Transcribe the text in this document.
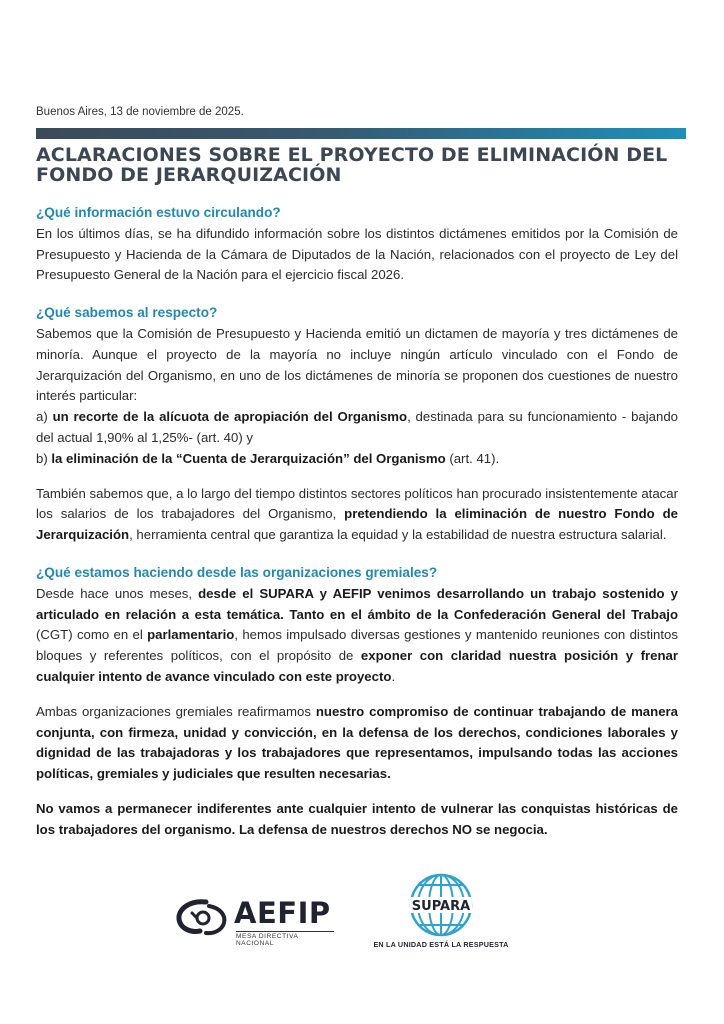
Buenos Aires, 13 de noviembre de 2025.
ACLARACIONES SOBRE EL PROYECTO DE ELIMINACIÓN DEL
FONDO DE JERARQUIZACIÓN
¿Qué información estuvo circulando?

En los últimos días, se ha difundido información sobre los distintos dictámenes emitidos por la Comisión de Presupuesto y Hacienda de la Cámara de Diputados de la Nación, relacionados con el proyecto de Ley del Presupuesto General de la Nación para el ejercicio fiscal 2026.

¿Qué sabemos al respecto?

Sabemos que la Comisión de Presupuesto y Hacienda emitió un dictamen de mayoría y tres dictámenes de minoría. Aunque el proyecto de la mayoría no incluye ningún artículo vinculado con el Fondo de Jerarquización del Organismo, en uno de los dictámenes de minoría se proponen dos cuestiones de nuestro interés particular:

a) un recorte de la alícuota de apropiación del Organismo, destinada para su funcionamiento - bajando del actual 1,90% al 1,25%- (art. 40) y

b) la eliminación de la “Cuenta de Jerarquización” del Organismo (art. 41).

También sabemos que, a lo largo del tiempo distintos sectores políticos han procurado insistentemente atacar los salarios de los trabajadores del Organismo, pretendiendo la eliminación de nuestro Fondo de Jerarquización, herramienta central que garantiza la equidad y la estabilidad de nuestra estructura salarial.

¿Qué estamos haciendo desde las organizaciones gremiales?

Desde hace unos meses, desde el SUPARA y AEFIP venimos desarrollando un trabajo sostenido y articulado en relación a esta temática. Tanto en el ámbito de la Confederación General del Trabajo (CGT) como en el parlamentario, hemos impulsado diversas gestiones y mantenido reuniones con distintos bloques y referentes políticos, con el propósito de exponer con claridad nuestra posición y frenar cualquier intento de avance vinculado con este proyecto.

Ambas organizaciones gremiales reafirmamos nuestro compromiso de continuar trabajando de manera conjunta, con firmeza, unidad y convicción, en la defensa de los derechos, condiciones laborales y dignidad de las trabajadoras y los trabajadores que representamos, impulsando todas las acciones políticas, gremiales y judiciales que resulten necesarias.

No vamos a permanecer indiferentes ante cualquier intento de vulnerar las conquistas históricas de los trabajadores del organismo. La defensa de nuestros derechos NO se negocia.

AEFIP
MESA DIRECTIVA NACIONAL
SUPARA
EN LA UNIDAD ESTÁ LA RESPUESTA
